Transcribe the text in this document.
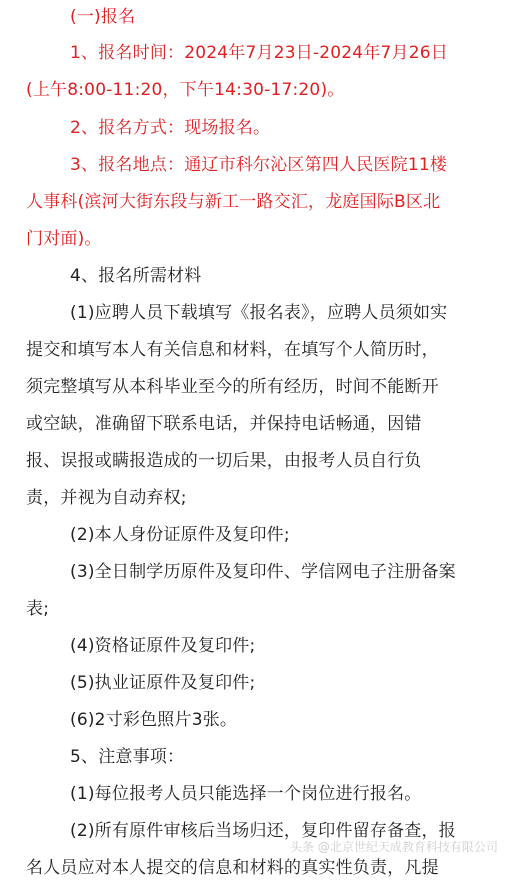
(一)报名
1、报名时间：2024年7月23日-2024年7月26日
(上午8:00-11:20，下午14:30-17:20)。
2、报名方式：现场报名。
3、报名地点：通辽市科尔沁区第四人民医院11楼
人事科(滨河大街东段与新工一路交汇，龙庭国际B区北
门对面)。
4、报名所需材料
(1)应聘人员下载填写《报名表》，应聘人员须如实
提交和填写本人有关信息和材料，在填写个人简历时，
须完整填写从本科毕业至今的所有经历，时间不能断开
或空缺，准确留下联系电话，并保持电话畅通，因错
报、误报或瞒报造成的一切后果，由报考人员自行负
责，并视为自动弃权;
(2)本人身份证原件及复印件;
(3)全日制学历原件及复印件、学信网电子注册备案
表;
(4)资格证原件及复印件;
(5)执业证原件及复印件;
(6)2寸彩色照片3张。
5、注意事项：
(1)每位报考人员只能选择一个岗位进行报名。
(2)所有原件审核后当场归还，复印件留存备查，报
名人员应对本人提交的信息和材料的真实性负责，凡提
头条 @北京世纪天成教育科技有限公司
